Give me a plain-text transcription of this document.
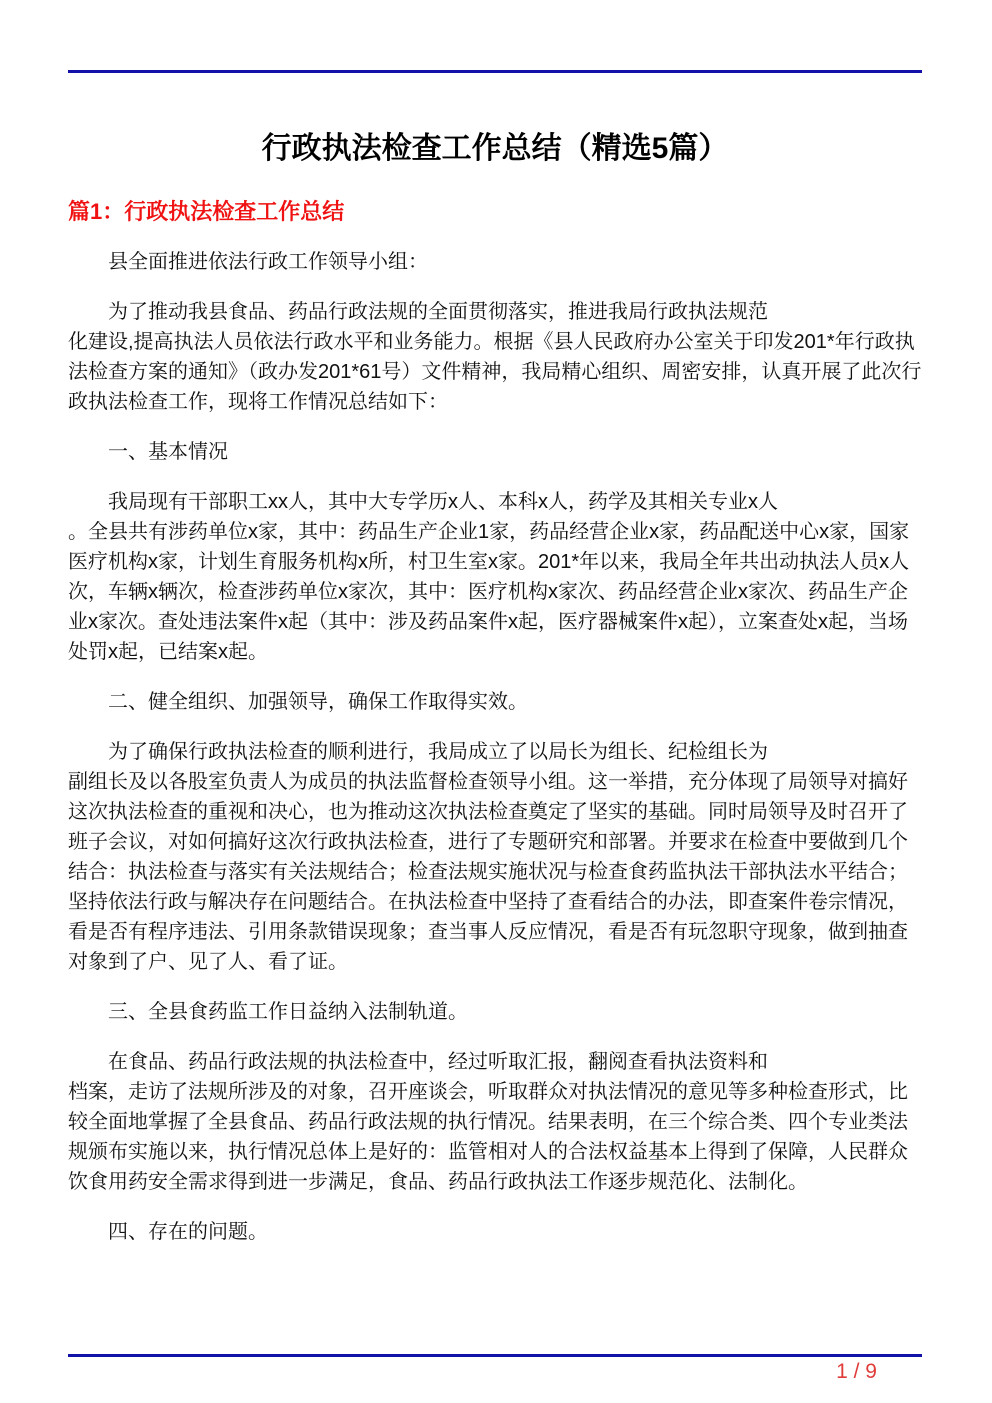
行政执法检查工作总结（精选5篇）
篇1：行政执法检查工作总结

县全面推进依法行政工作领导小组：

为了推动我县食品、药品行政法规的全面贯彻落实，推进我局行政执法规范
化建设,提高执法人员依法行政水平和业务能力。根据《县人民政府办公室关于印发201*年行政执法检查方案的通知》（政办发201*61号）文件精神，我局精心组织、周密安排，认真开展了此次行政执法检查工作，现将工作情况总结如下：

一、基本情况

我局现有干部职工xx人，其中大专学历x人、本科x人，药学及其相关专业x人
。全县共有涉药单位x家，其中：药品生产企业1家，药品经营企业x家，药品配送中心x家，国家医疗机构x家，计划生育服务机构x所，村卫生室x家。201*年以来，我局全年共出动执法人员x人次，车辆x辆次，检查涉药单位x家次，其中：医疗机构x家次、药品经营企业x家次、药品生产企业x家次。查处违法案件x起（其中：涉及药品案件x起，医疗器械案件x起），立案查处x起，当场处罚x起，已结案x起。

二、健全组织、加强领导，确保工作取得实效。

为了确保行政执法检查的顺利进行，我局成立了以局长为组长、纪检组长为
副组长及以各股室负责人为成员的执法监督检查领导小组。这一举措，充分体现了局领导对搞好这次执法检查的重视和决心，也为推动这次执法检查奠定了坚实的基础。同时局领导及时召开了班子会议，对如何搞好这次行政执法检查，进行了专题研究和部署。并要求在检查中要做到几个结合：执法检查与落实有关法规结合；检查法规实施状况与检查食药监执法干部执法水平结合；坚持依法行政与解决存在问题结合。在执法检查中坚持了查看结合的办法，即查案件卷宗情况，看是否有程序违法、引用条款错误现象；查当事人反应情况，看是否有玩忽职守现象，做到抽查对象到了户、见了人、看了证。

三、全县食药监工作日益纳入法制轨道。

在食品、药品行政法规的执法检查中，经过听取汇报，翻阅查看执法资料和
档案，走访了法规所涉及的对象，召开座谈会，听取群众对执法情况的意见等多种检查形式，比较全面地掌握了全县食品、药品行政法规的执行情况。结果表明，在三个综合类、四个专业类法规颁布实施以来，执行情况总体上是好的：监管相对人的合法权益基本上得到了保障，人民群众饮食用药安全需求得到进一步满足，食品、药品行政执法工作逐步规范化、法制化。

四、存在的问题。

1 / 9
